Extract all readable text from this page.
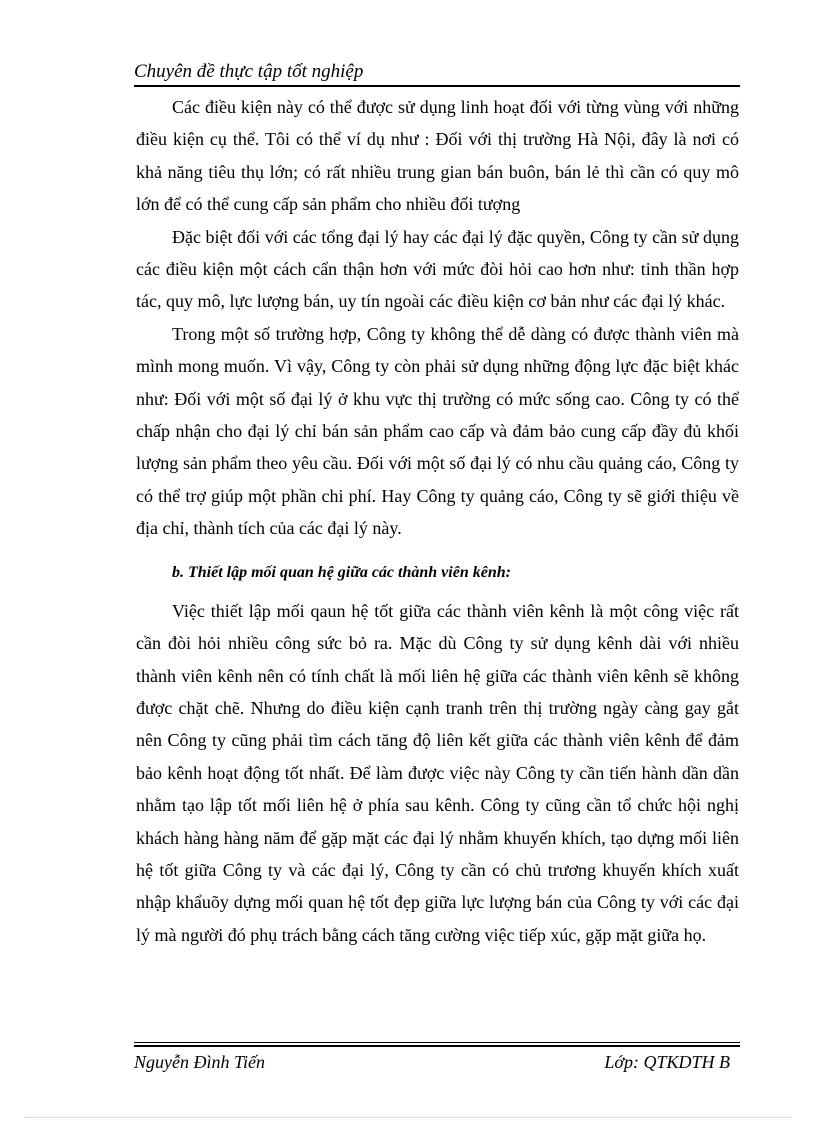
Chuyên đề thực tập tốt nghiệp

Các điều kiện này có thể được sử dụng linh hoạt đối với từng vùng với những điều kiện cụ thể. Tôi có thể ví dụ như : Đối với thị trường Hà Nội, đây là nơi có khả năng tiêu thụ lớn; có rất nhiều trung gian bán buôn, bán lẻ thì cần có quy mô lớn để có thể cung cấp sản phẩm cho nhiều đối tượng

Đặc biệt đối với các tổng đại lý hay các đại lý đặc quyền, Công ty cần sử dụng các điều kiện một cách cẩn thận hơn với mức đòi hỏi cao hơn như: tinh thần hợp tác, quy mô, lực lượng bán, uy tín ngoài các điều kiện cơ bản như các đại lý khác.

Trong một số trường hợp, Công ty không thể dễ dàng có được thành viên mà mình mong muốn. Vì vậy, Công ty còn phải sử dụng những động lực đặc biệt khác như: Đối với một số đại lý ở khu vực thị trường có mức sống cao. Công ty có thể chấp nhận cho đại lý chỉ bán sản phẩm cao cấp và đảm bảo cung cấp đầy đủ khối lượng sản phẩm theo yêu cầu. Đối với một số đại lý có nhu cầu quảng cáo, Công ty có thể trợ giúp một phần chi phí. Hay Công ty quảng cáo, Công ty sẽ giới thiệu về địa chỉ, thành tích của các đại lý này.

b. Thiết lập mối quan hệ giữa các thành viên kênh:

Việc thiết lập mối qaun hệ tốt giữa các thành viên kênh là một công việc rất cần đòi hỏi nhiều công sức bỏ ra. Mặc dù Công ty sử dụng kênh dài với nhiều thành viên kênh nên có tính chất là mối liên hệ giữa các thành viên kênh sẽ không được chặt chẽ. Nhưng do điều kiện cạnh tranh trên thị trường ngày càng gay gắt nên Công ty cũng phải tìm cách tăng độ liên kết giữa các thành viên kênh để đảm bảo kênh hoạt động tốt nhất. Để làm được việc này Công ty cần tiến hành dần dần nhằm tạo lập tốt mối liên hệ ở phía sau kênh. Công ty cũng cần tổ chức hội nghị khách hàng hàng năm để gặp mặt các đại lý nhằm khuyến khích, tạo dựng mối liên hệ tốt giữa Công ty và các đại lý, Công ty cần có chủ trương khuyến khích xuất nhập khẩuõy dựng mối quan hệ tốt đẹp giữa lực lượng bán của Công ty với các đại lý mà người đó phụ trách bằng cách tăng cường việc tiếp xúc, gặp mặt giữa họ.

Nguyễn Đình Tiến	Lớp: QTKDTH B
